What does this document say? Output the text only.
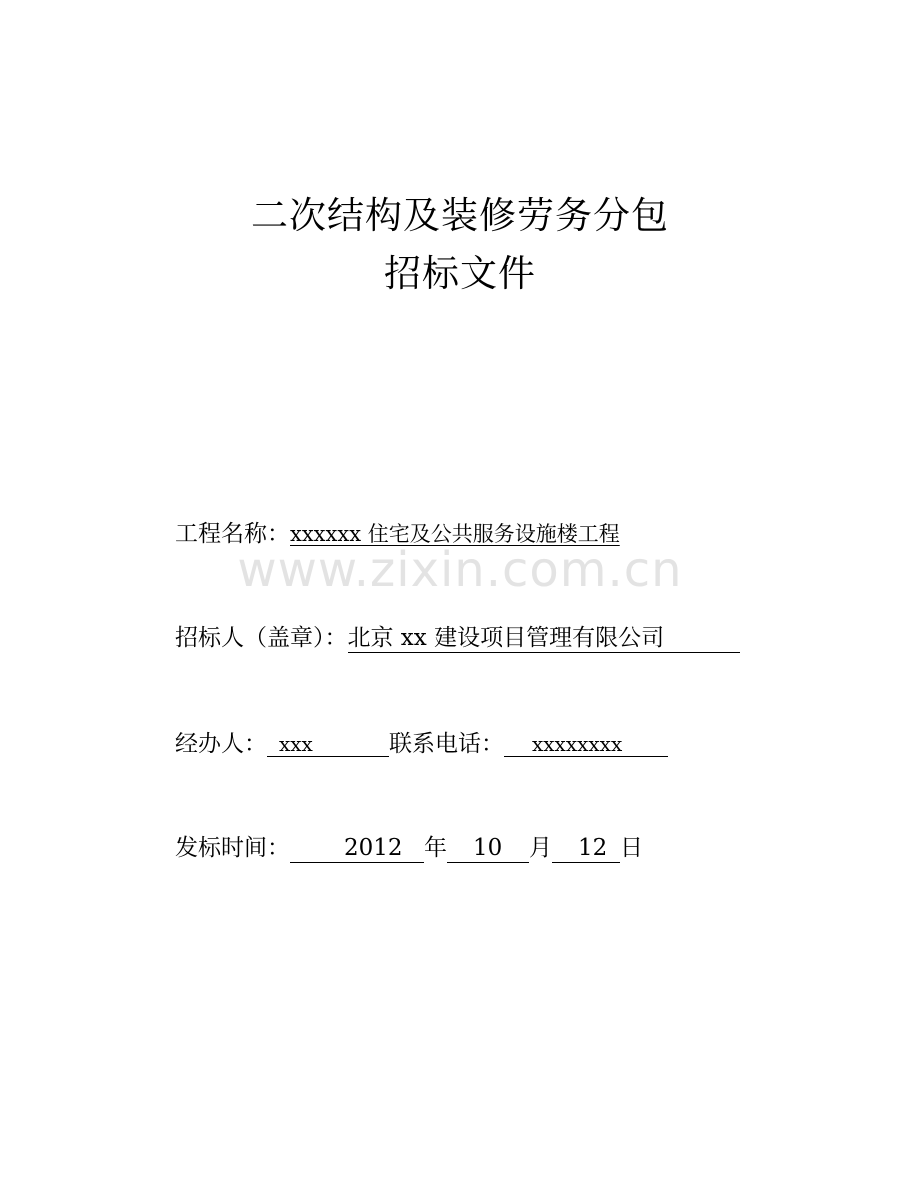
二次结构及装修劳务分包
招标文件
www.zixin.com.cn
工程名称：xxxxxx 住宅及公共服务设施楼工程
招标人（盖章）：北京 xx 建设项目管理有限公司
经办人： xxx	联系电话： xxxxxxxx
发标时间： 2012 年 10 月 12 日
